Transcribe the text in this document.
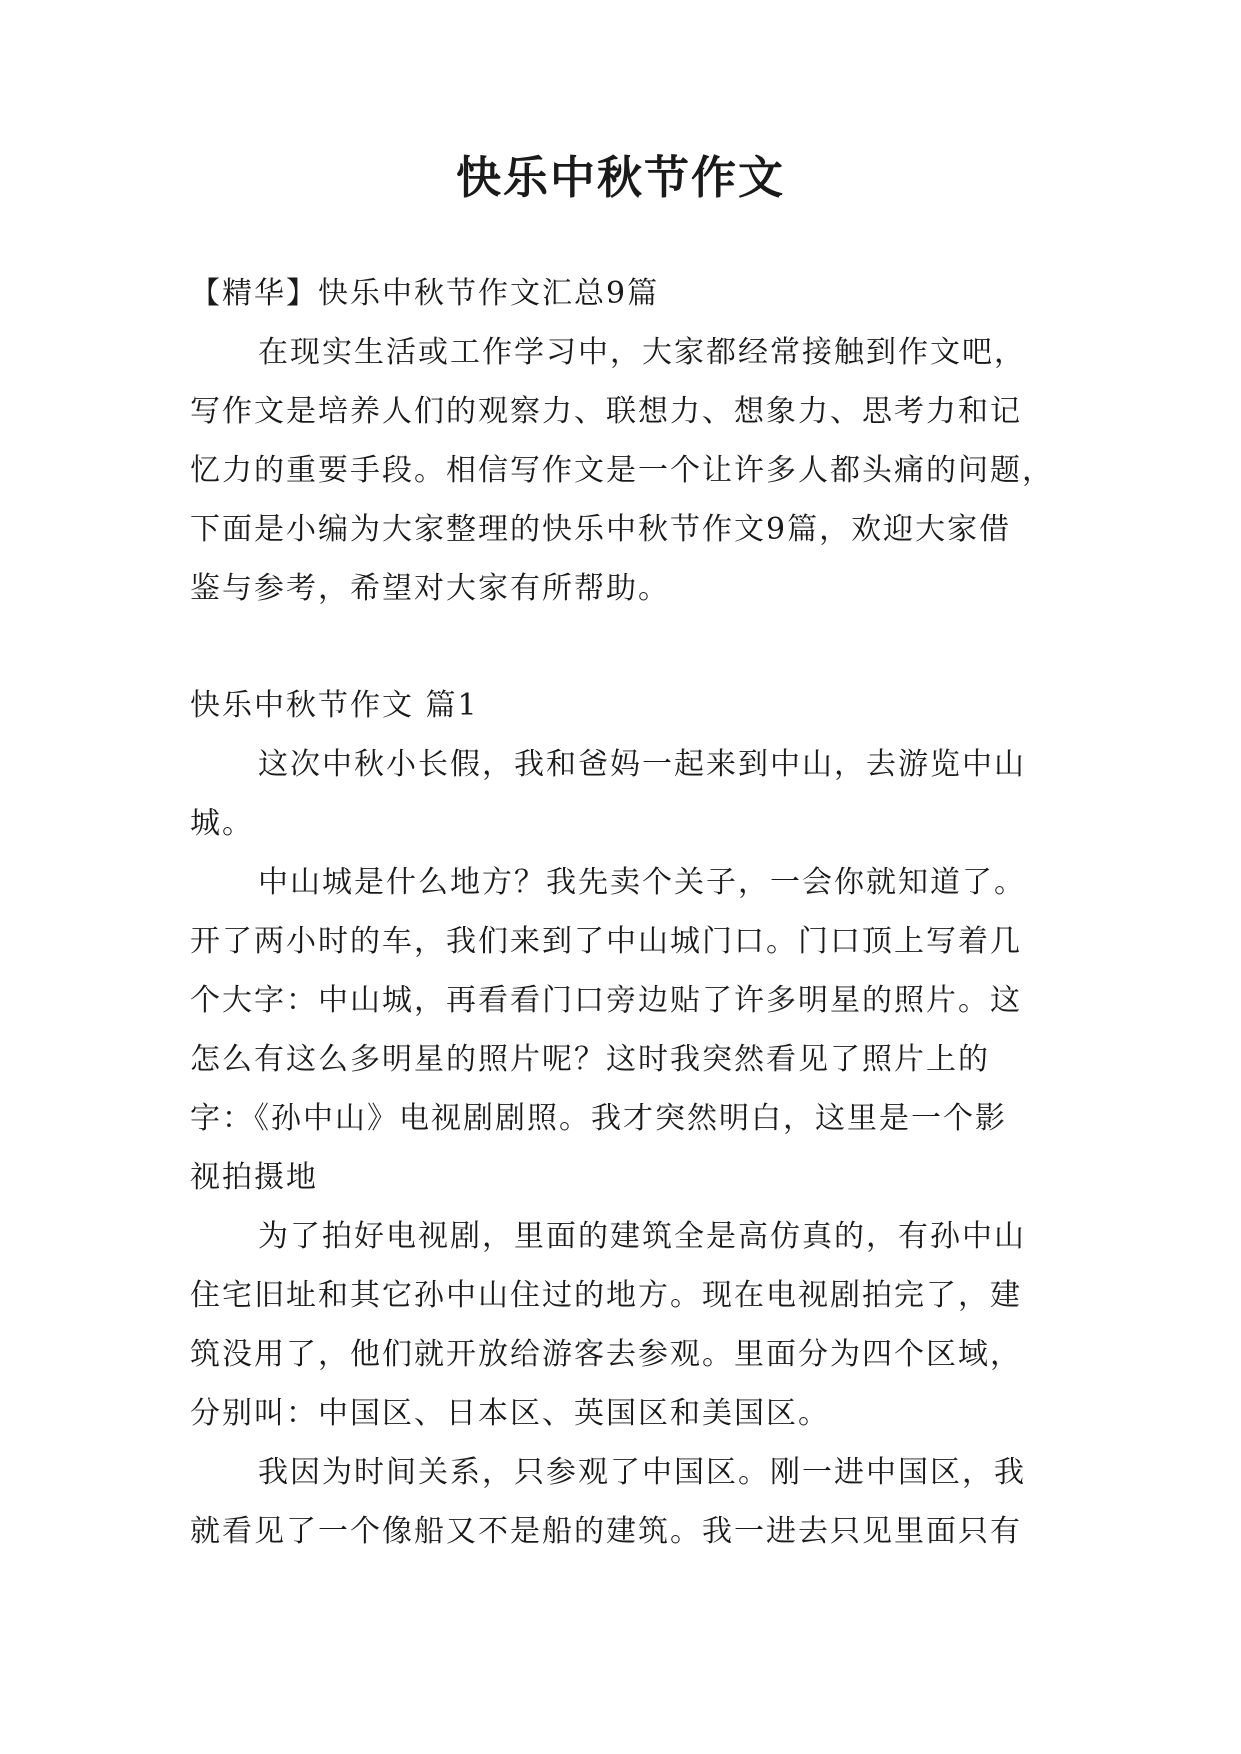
快乐中秋节作文
【精华】快乐中秋节作文汇总9篇
在现实生活或工作学习中，大家都经常接触到作文吧，
写作文是培养人们的观察力、联想力、想象力、思考力和记
忆力的重要手段。相信写作文是一个让许多人都头痛的问题，
下面是小编为大家整理的快乐中秋节作文9篇，欢迎大家借
鉴与参考，希望对大家有所帮助。
快乐中秋节作文 篇1
这次中秋小长假，我和爸妈一起来到中山，去游览中山
城。
中山城是什么地方？我先卖个关子，一会你就知道了。
开了两小时的车，我们来到了中山城门口。门口顶上写着几
个大字：中山城，再看看门口旁边贴了许多明星的照片。这
怎么有这么多明星的照片呢？这时我突然看见了照片上的
字：《孙中山》电视剧剧照。我才突然明白，这里是一个影
视拍摄地
为了拍好电视剧，里面的建筑全是高仿真的，有孙中山
住宅旧址和其它孙中山住过的地方。现在电视剧拍完了，建
筑没用了，他们就开放给游客去参观。里面分为四个区域，
分别叫：中国区、日本区、英国区和美国区。
我因为时间关系，只参观了中国区。刚一进中国区，我
就看见了一个像船又不是船的建筑。我一进去只见里面只有
